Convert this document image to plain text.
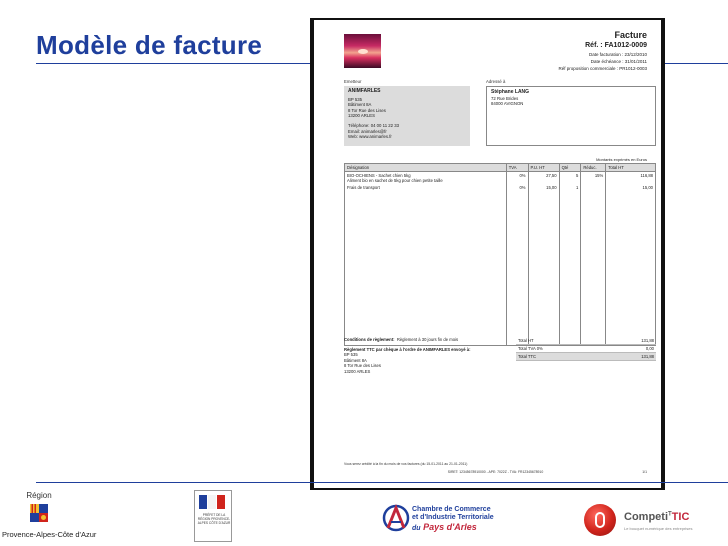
Modèle de facture	Facture
Réf. : FA1012-0009
Date facturation : 23/12/2010
Date échéance : 31/01/2011
Réf proposition commerciale : PR1012-0003
Emetteur	Adressé à
ANIMFARLES
BP 535
Bâtiment 8A
8 Tor Rue des Lises
13200 ARLES
Téléphone: 04 00 11 22 33
Email: animarles@fr
Web: www.animarles.fr
Stéphane LANG
72 Rue Brides
84000 AVIGNON
Montants exprimés en Euros
Désignation	TVA	P.U. HT	Qté	Réduc.	Total HT

BIO-OCHIENS - Sachet chien 5kg
Aliment bio en sachet de 5kg pour chien petite taille	0%	27,50	5	15%	116,88

Frais de transport	0%	15,00	1		15,00

Conditions de règlement: Règlement à 30 jours fin de mois
Règlement TTC par chèque à l'ordre de ANIMFARLES envoyé à:
BP 535
Bâtiment 8A
8 Tor Rue des Lises
13200 ARLES
Total HT	131,88
Total TVA 0%	0,00
Total TTC	131,88
Vous serez crédité à la fin du mois de vos factures (du 15-01-2011 au 21-01-2011)
SIRET: 12345678910000 - APE: 7022Z - TVA: FR12345678910	1/1
Région
Provence-Alpes-Côte d'Azur
PRÉFET DE LA RÉGION PROVENCE-ALPES CÔTE D'AZUR
Chambre de Commerce
et d'Industrie Territoriale
du Pays d'Arles
Competi$^T$TIC
Le bouquet numérique des entreprises
